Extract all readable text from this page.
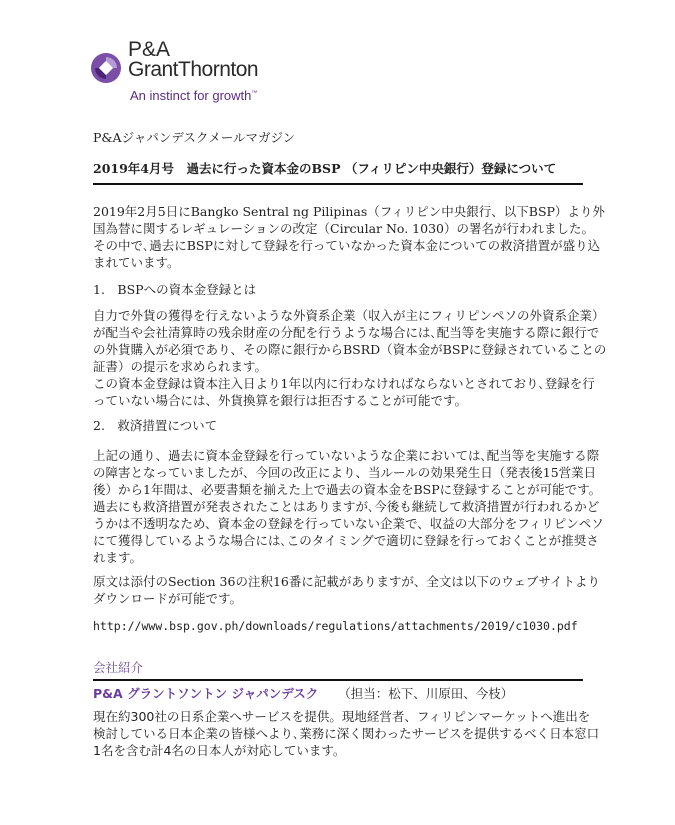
P&A
GrantThornton
An instinct for growth™
P&Aジャパンデスクメールマガジン
2019年4月号　過去に行った資本金のBSP （フィリピン中央銀行）登録について
2019年2月5日にBangko Sentral ng Pilipinas（フィリピン中央銀行、以下BSP）より外
国為替に関するレギュレーションの改定（Circular No. 1030）の署名が行われました。
その中で､過去にBSPに対して登録を行っていなかった資本金についての救済措置が盛り込
まれています。
1.　BSPへの資本金登録とは
自力で外貨の獲得を行えないような外資系企業（収入が主にフィリピンペソの外資系企業）
が配当や会社清算時の残余財産の分配を行うような場合には､配当等を実施する際に銀行で
の外貨購入が必須であり、その際に銀行からBSRD（資本金がBSPに登録されていることの
証書）の提示を求められます。
この資本金登録は資本注入日より1年以内に行わなければならないとされており､登録を行
っていない場合には、外貨換算を銀行は拒否することが可能です。
2.　救済措置について
上記の通り、過去に資本金登録を行っていないような企業においては､配当等を実施する際
の障害となっていましたが、今回の改正により、当ルールの効果発生日（発表後15営業日
後）から1年間は、必要書類を揃えた上で過去の資本金をBSPに登録することが可能です。
過去にも救済措置が発表されたことはありますが､今後も継続して救済措置が行われるかど
うかは不透明なため、資本金の登録を行っていない企業で、収益の大部分をフィリピンペソ
にて獲得しているような場合には､このタイミングで適切に登録を行っておくことが推奨さ
れます。
原文は添付のSection 36の注釈16番に記載がありますが、全文は以下のウェブサイトより
ダウンロードが可能です。
http://www.bsp.gov.ph/downloads/regulations/attachments/2019/c1030.pdf
会社紹介
P&A グラントソントン ジャパンデスク （担当：松下、川原田、今枝）
現在約300社の日系企業へサービスを提供。現地経営者、フィリピンマーケットへ進出を
検討している日本企業の皆様へより､業務に深く関わったサービスを提供するべく日本窓口
1名を含む計4名の日本人が対応しています。
